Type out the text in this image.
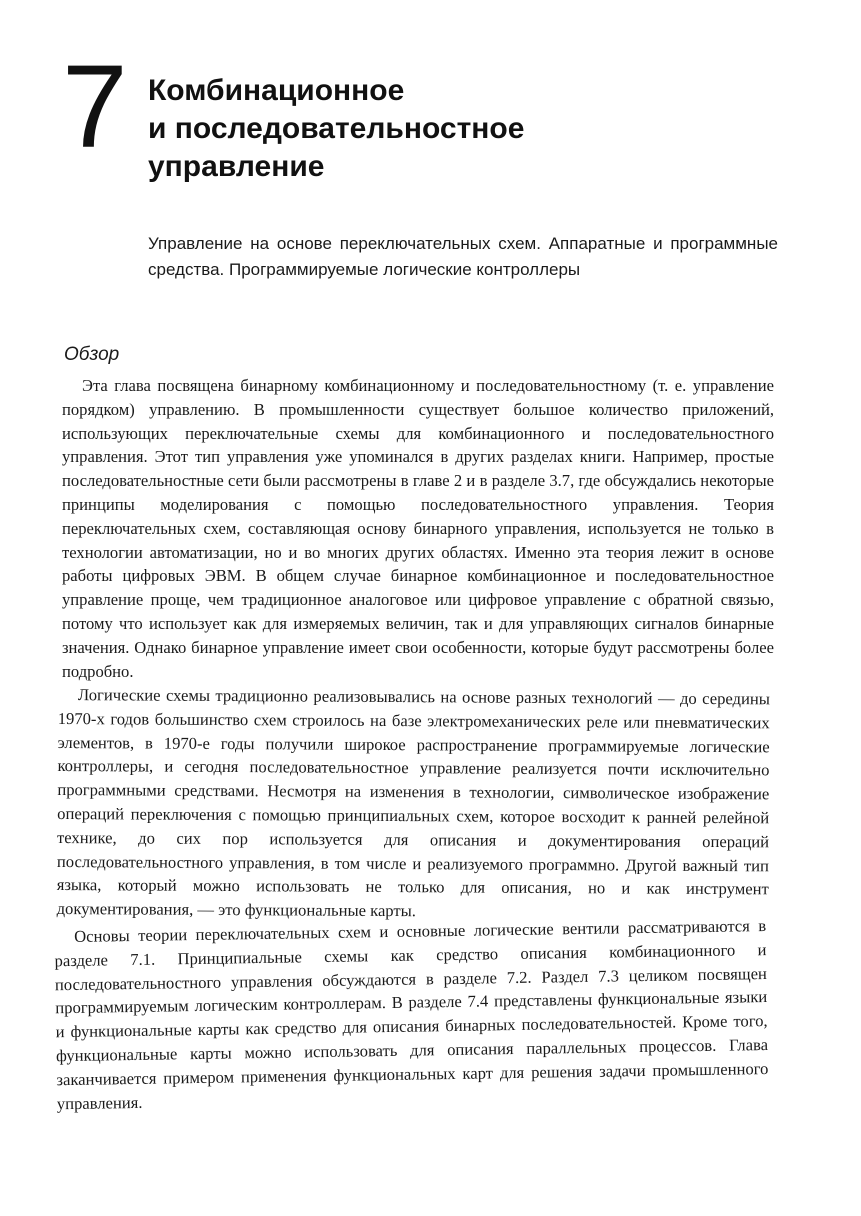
7 Комбинационное
и последовательностное
управление

Управление на основе переключательных схем. Аппаратные и программные средства. Программируемые логические контроллеры

Обзор

Эта глава посвящена бинарному комбинационному и последовательностному (т. е. управление порядком) управлению. В промышленности существует большое количество приложений, использующих переключательные схемы для комбинационного и последовательностного управления. Этот тип управления уже упоминался в других разделах книги. Например, простые последовательностные сети были рассмотрены в главе 2 и в разделе 3.7, где обсуждались некоторые принципы моделирования с помощью последовательностного управления. Теория переключательных схем, составляющая основу бинарного управления, используется не только в технологии автоматизации, но и во многих других областях. Именно эта теория лежит в основе работы цифровых ЭВМ. В общем случае бинарное комбинационное и последовательностное управление проще, чем традиционное аналоговое или цифровое управление с обратной связью, потому что использует как для измеряемых величин, так и для управляющих сигналов бинарные значения. Однако бинарное управление имеет свои особенности, которые будут рассмотрены более подробно.

Логические схемы традиционно реализовывались на основе разных технологий — до середины 1970-х годов большинство схем строилось на базе электромеханических реле или пневматических элементов, в 1970-е годы получили широкое распространение программируемые логические контроллеры, и сегодня последовательностное управление реализуется почти исключительно программными средствами. Несмотря на изменения в технологии, символическое изображение операций переключения с помощью принципиальных схем, которое восходит к ранней релейной технике, до сих пор используется для описания и документирования операций последовательностного управления, в том числе и реализуемого программно. Другой важный тип языка, который можно использовать не только для описания, но и как инструмент документирования, — это функциональные карты.

Основы теории переключательных схем и основные логические вентили рассматриваются в разделе 7.1. Принципиальные схемы как средство описания комбинационного и последовательностного управления обсуждаются в разделе 7.2. Раздел 7.3 целиком посвящен программируемым логическим контроллерам. В разделе 7.4 представлены функциональные языки и функциональные карты как средство для описания бинарных последовательностей. Кроме того, функциональные карты можно использовать для описания параллельных процессов. Глава заканчивается примером применения функциональных карт для решения задачи промышленного управления.
